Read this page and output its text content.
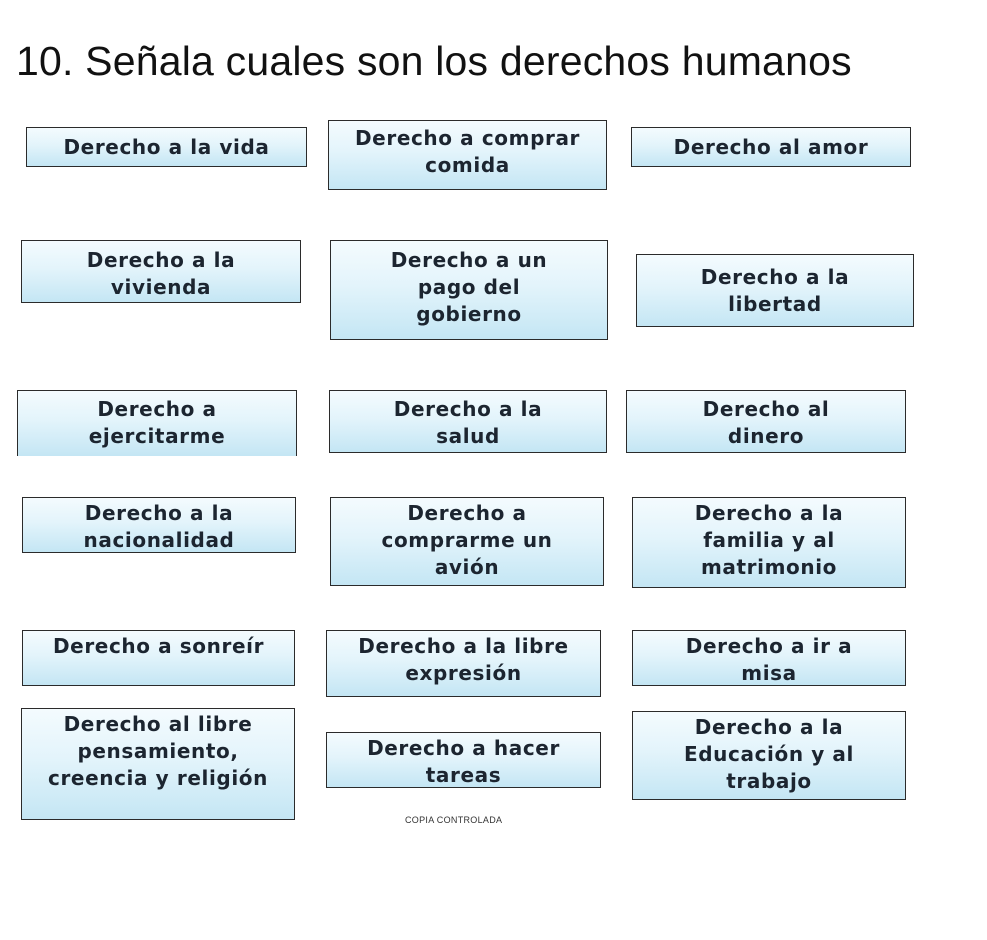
10. Señala cuales son los derechos humanos
Derecho a la vida	Derecho a comprar comida
Derecho al amor
Derecho a la vivienda
Derecho a un pago del gobierno
Derecho a la libertad
Derecho a ejercitarme
Derecho a la salud
Derecho al dinero
Derecho a la nacionalidad
Derecho a comprarme un avión
Derecho a la familia y al matrimonio
Derecho a sonreír	Derecho a la libre expresión
Derecho a ir a misa
Derecho al libre pensamiento, creencia y religión
Derecho a hacer tareas
Derecho a la Educación y al trabajo
COPIA CONTROLADA
